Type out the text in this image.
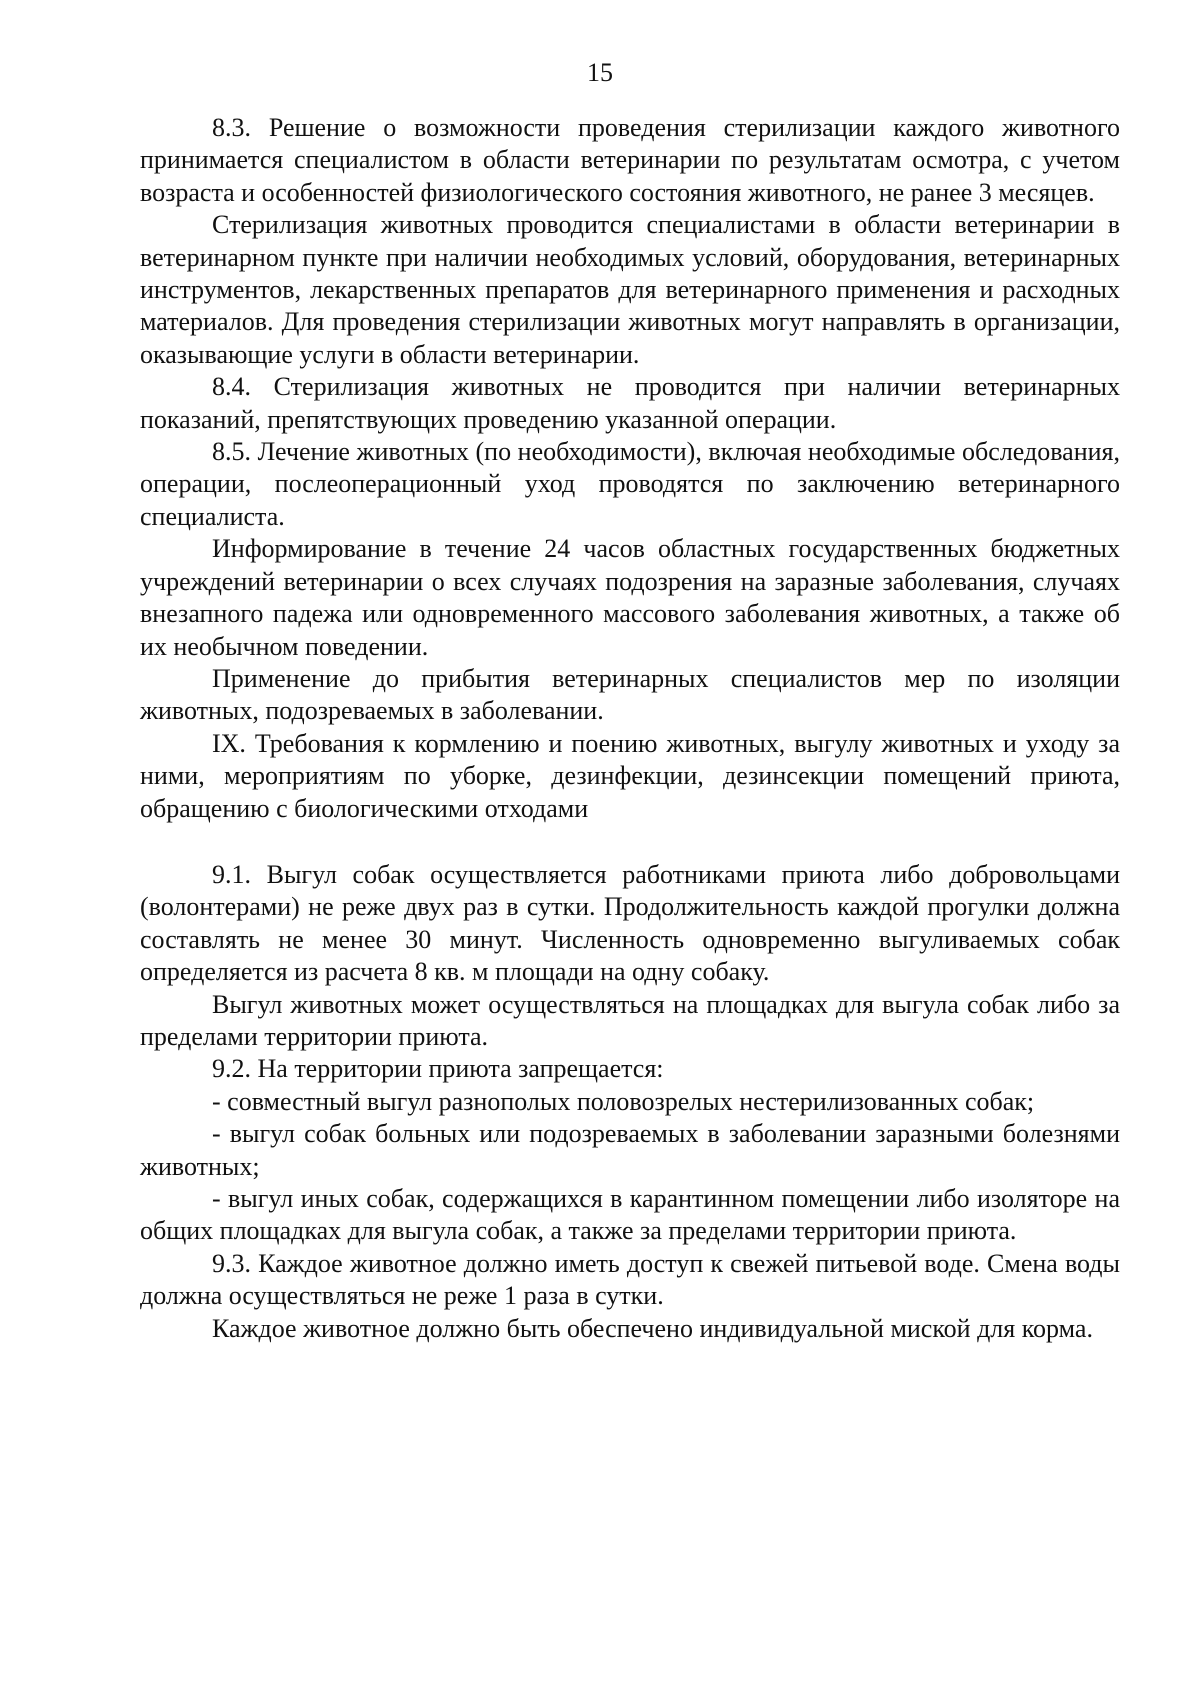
15

8.3. Решение о возможности проведения стерилизации каждого животного принимается специалистом в области ветеринарии по результатам осмотра, с учетом возраста и особенностей физиологического состояния животного, не ранее 3 месяцев.

Стерилизация животных проводится специалистами в области ветеринарии в ветеринарном пункте при наличии необходимых условий, оборудования, ветеринарных инструментов, лекарственных препаратов для ветеринарного применения и расходных материалов. Для проведения стерилизации животных могут направлять в организации, оказывающие услуги в области ветеринарии.

8.4. Стерилизация животных не проводится при наличии ветеринарных показаний, препятствующих проведению указанной операции.

8.5. Лечение животных (по необходимости), включая необходимые обследования, операции, послеоперационный уход проводятся по заключению ветеринарного специалиста.

Информирование в течение 24 часов областных государственных бюджетных учреждений ветеринарии о всех случаях подозрения на заразные заболевания, случаях внезапного падежа или одновременного массового заболевания животных, а также об их необычном поведении.

Применение до прибытия ветеринарных специалистов мер по изоляции животных, подозреваемых в заболевании.

IX. Требования к кормлению и поению животных, выгулу животных и уходу за ними, мероприятиям по уборке, дезинфекции, дезинсекции помещений приюта, обращению с биологическими отходами

9.1. Выгул собак осуществляется работниками приюта либо добровольцами (волонтерами) не реже двух раз в сутки. Продолжительность каждой прогулки должна составлять не менее 30 минут. Численность одновременно выгуливаемых собак определяется из расчета 8 кв. м площади на одну собаку.

Выгул животных может осуществляться на площадках для выгула собак либо за пределами территории приюта.

9.2. На территории приюта запрещается:

- совместный выгул разнополых половозрелых нестерилизованных собак;

- выгул собак больных или подозреваемых в заболевании заразными болезнями животных;

- выгул иных собак, содержащихся в карантинном помещении либо изоляторе на общих площадках для выгула собак, а также за пределами территории приюта.

9.3. Каждое животное должно иметь доступ к свежей питьевой воде. Смена воды должна осуществляться не реже 1 раза в сутки.

Каждое животное должно быть обеспечено индивидуальной миской для корма.
